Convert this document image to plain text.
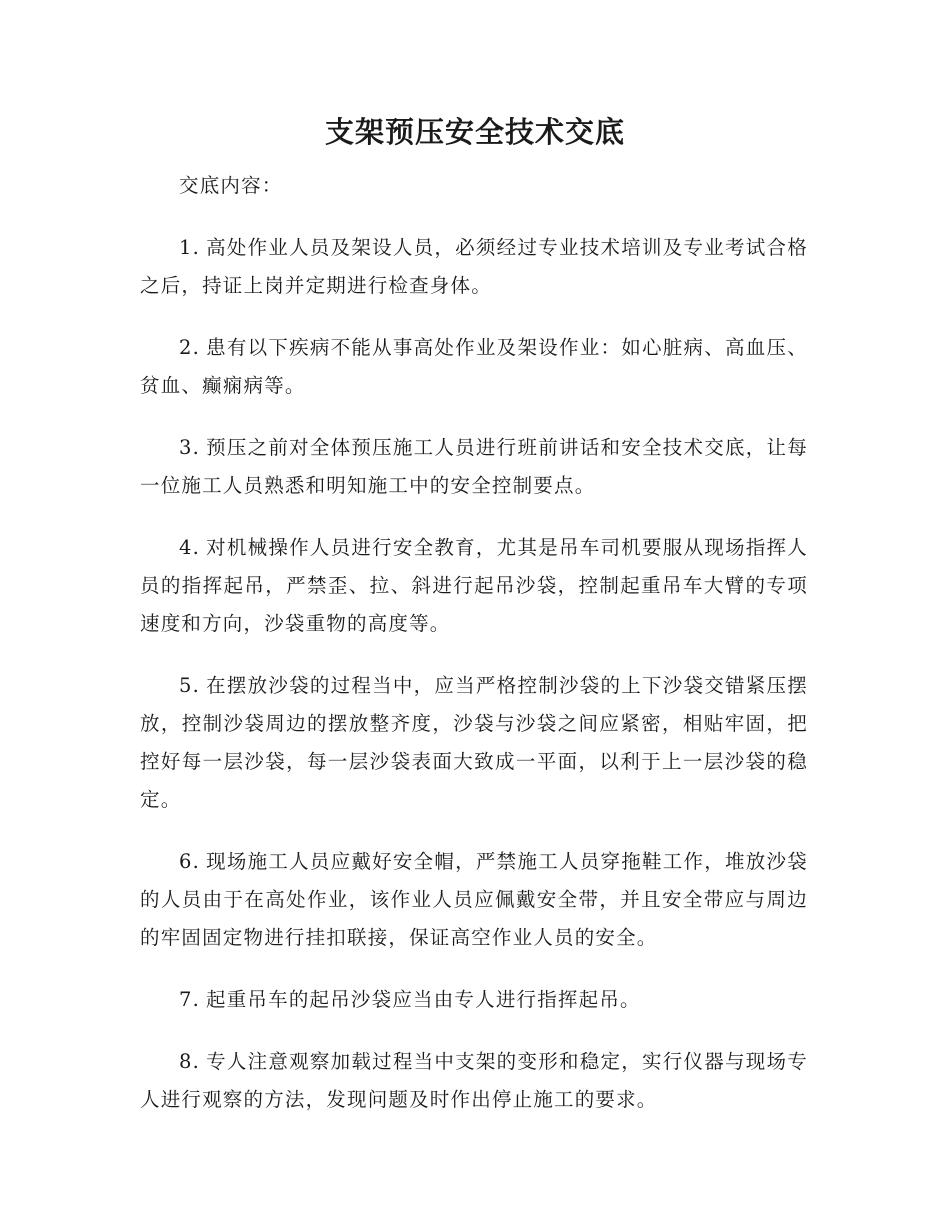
支架预压安全技术交底

交底内容：

1. 高处作业人员及架设人员，必须经过专业技术培训及专业考试合格之后，持证上岗并定期进行检查身体。

2. 患有以下疾病不能从事高处作业及架设作业：如心脏病、高血压、贫血、癫痫病等。

3. 预压之前对全体预压施工人员进行班前讲话和安全技术交底，让每一位施工人员熟悉和明知施工中的安全控制要点。

4. 对机械操作人员进行安全教育，尤其是吊车司机要服从现场指挥人员的指挥起吊，严禁歪、拉、斜进行起吊沙袋，控制起重吊车大臂的专项速度和方向，沙袋重物的高度等。

5. 在摆放沙袋的过程当中，应当严格控制沙袋的上下沙袋交错紧压摆放，控制沙袋周边的摆放整齐度，沙袋与沙袋之间应紧密，相贴牢固，把控好每一层沙袋，每一层沙袋表面大致成一平面，以利于上一层沙袋的稳定。

6. 现场施工人员应戴好安全帽，严禁施工人员穿拖鞋工作，堆放沙袋的人员由于在高处作业，该作业人员应佩戴安全带，并且安全带应与周边的牢固固定物进行挂扣联接，保证高空作业人员的安全。

7. 起重吊车的起吊沙袋应当由专人进行指挥起吊。

8. 专人注意观察加载过程当中支架的变形和稳定，实行仪器与现场专人进行观察的方法，发现问题及时作出停止施工的要求。
